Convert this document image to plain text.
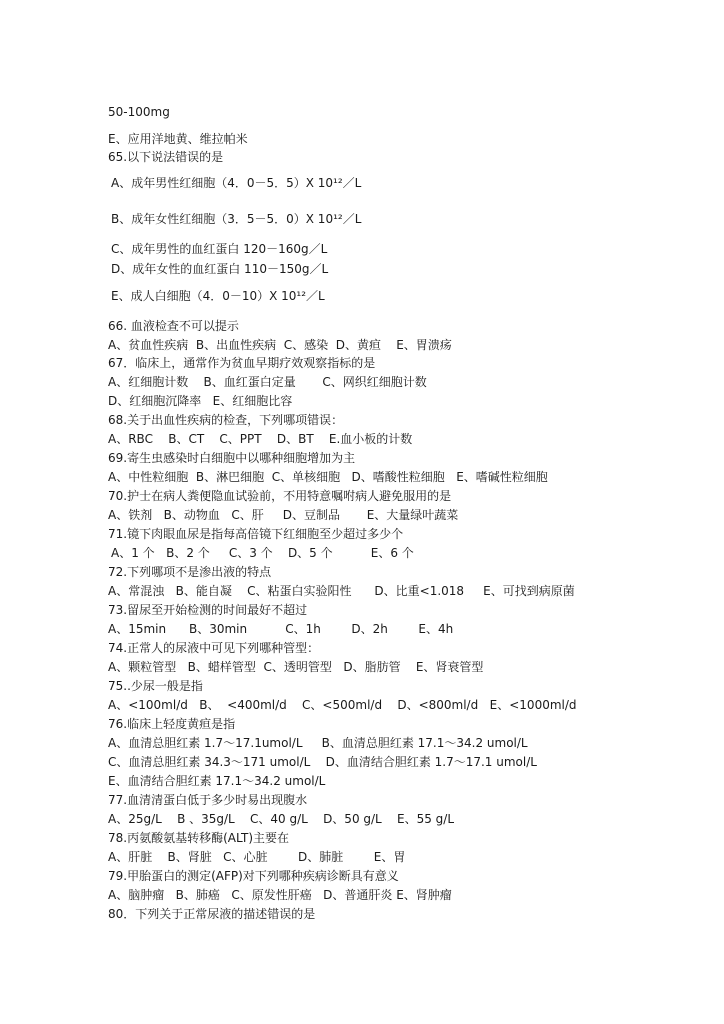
50-100mg
E、应用洋地黄、维拉帕米
65.以下说法错误的是
A、成年男性红细胞（4．0－5．5）X 10¹²／L
B、成年女性红细胞（3．5－5．0）X 10¹²／L
C、成年男性的血红蛋白 120－160g／L
D、成年女性的血红蛋白 110－150g／L
E、成人白细胞（4．0－10）X 10¹²／L
66. 血液检查不可以提示
A、贫血性疾病  B、出血性疾病  C、感染  D、黄疸    E、胃溃疡
67．临床上，通常作为贫血早期疗效观察指标的是
A、红细胞计数    B、血红蛋白定量       C、网织红细胞计数
D、红细胞沉降率   E、红细胞比容
68.关于出血性疾病的检查，下列哪项错误：
A、RBC    B、CT    C、PPT    D、BT    E.血小板的计数
69.寄生虫感染时白细胞中以哪种细胞增加为主
A、中性粒细胞  B、淋巴细胞  C、单核细胞   D、嗜酸性粒细胞   E、嗜碱性粒细胞
70.护士在病人粪便隐血试验前，不用特意嘱咐病人避免服用的是
A、铁剂   B、动物血   C、肝     D、豆制品       E、大量绿叶蔬菜
71.镜下肉眼血尿是指每高倍镜下红细胞至少超过多少个
A、1 个   B、2 个     C、3 个    D、5 个          E、6 个
72.下列哪项不是渗出液的特点
A、常混浊   B、能自凝    C、粘蛋白实验阳性      D、比重<1.018     E、可找到病原菌
73.留尿至开始检测的时间最好不超过
A、15min      B、30min          C、1h        D、2h        E、4h
74.正常人的尿液中可见下列哪种管型：
A、颗粒管型   B、蜡样管型  C、透明管型   D、脂肪管    E、肾衰管型
75..少尿一般是指
A、<100ml/d   B、  <400ml/d    C、<500ml/d    D、<800ml/d   E、<1000ml/d
76.临床上轻度黄疸是指
A、血清总胆红素 1.7～17.1umol/L     B、血清总胆红素 17.1～34.2 umol/L
C、血清总胆红素 34.3～171 umol/L    D、血清结合胆红素 1.7～17.1 umol/L
E、血清结合胆红素 17.1～34.2 umol/L
77.血清清蛋白低于多少时易出现腹水
A、25g/L    B 、35g/L    C、40 g/L    D、50 g/L    E、55 g/L
78.丙氨酸氨基转移酶(ALT)主要在
A、肝脏    B、肾脏   C、心脏        D、肺脏        E、胃
79.甲胎蛋白的测定(AFP)对下列哪种疾病诊断具有意义
A、脑肿瘤   B、肺癌   C、原发性肝癌   D、普通肝炎 E、肾肿瘤
80．下列关于正常尿液的描述错误的是
